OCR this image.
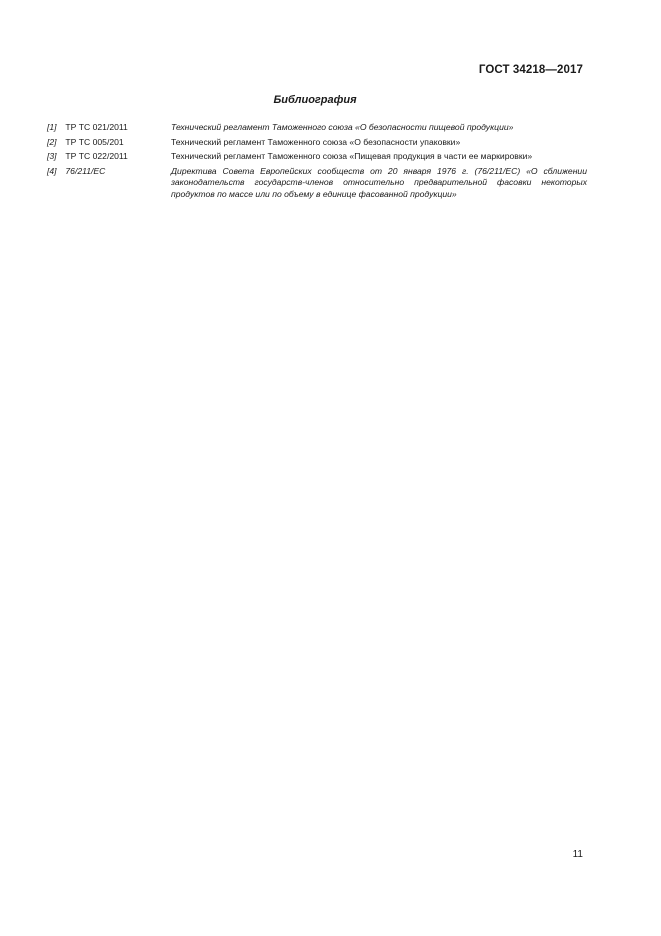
ГОСТ 34218—2017
Библиография
[1] ТР ТС 021/2011	Технический регламент Таможенного союза «О безопасности пищевой продукции»
[2] ТР ТС 005/201	Технический регламент Таможенного союза «О безопасности упаковки»
[3] ТР ТС 022/2011	Технический регламент Таможенного союза «Пищевая продукция в части ее маркировки»
[4] 76/211/ЕС	Директива Совета Европейских сообществ от 20 января 1976 г. (76/211/ЕС) «О сближении законодательств государств-членов относительно предварительной фасовки некоторых продуктов по массе или по объему в единице фасованной продукции»
11
